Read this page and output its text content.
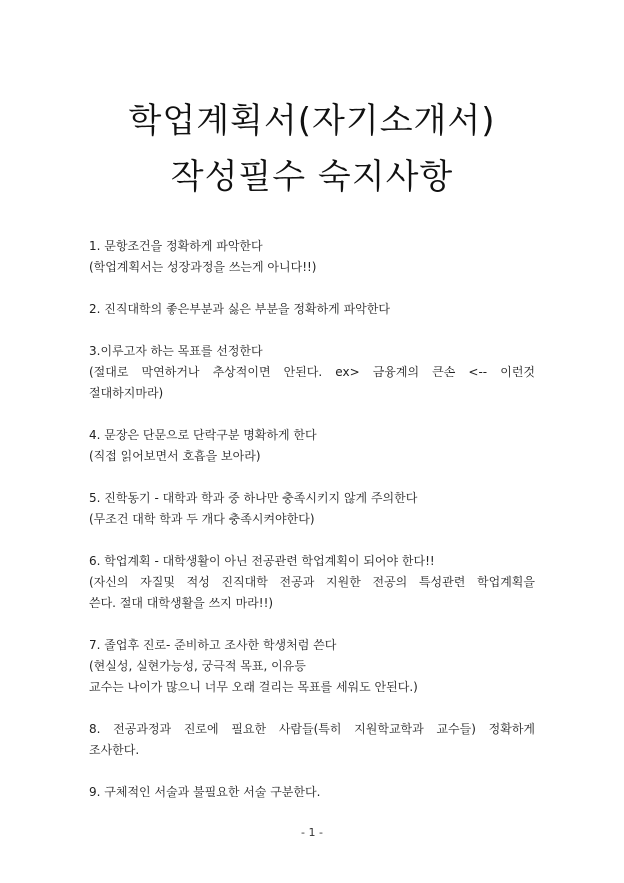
학업계획서(자기소개서)
작성필수 숙지사항

1. 문항조건을 정확하게 파악한다

(학업계획서는 성장과정을 쓰는게 아니다!!)

2. 진직대학의 좋은부분과 싫은 부분을 정확하게 파악한다

3.이루고자 하는 목표를 선정한다

(절대로 막연하거나 추상적이면 안된다. ex> 금융계의 큰손 <-- 이런것

절대하지마라)

4. 문장은 단문으로 단락구분 명확하게 한다

(직접 읽어보면서 호흡을 보아라)

5. 진학동기 - 대학과 학과 중 하나만 충족시키지 않게 주의한다

(무조건 대학 학과 두 개다 충족시켜야한다)

6. 학업계획 - 대학생활이 아닌 전공관련 학업계획이 되어야 한다!!

(자신의 자질및 적성 진직대학 전공과 지원한 전공의 특성관련 학업계획을

쓴다. 절대 대학생활을 쓰지 마라!!)

7. 졸업후 진로- 준비하고 조사한 학생처럼 쓴다

(현실성, 실현가능성, 궁극적 목표, 이유등

교수는 나이가 많으니 너무 오래 걸리는 목표를 세워도 안된다.)

8. 전공과정과 진로에 필요한 사람들(특히 지원학교학과 교수들) 정확하게

조사한다.

9. 구체적인 서술과 불필요한 서술 구분한다.

- 1 -
